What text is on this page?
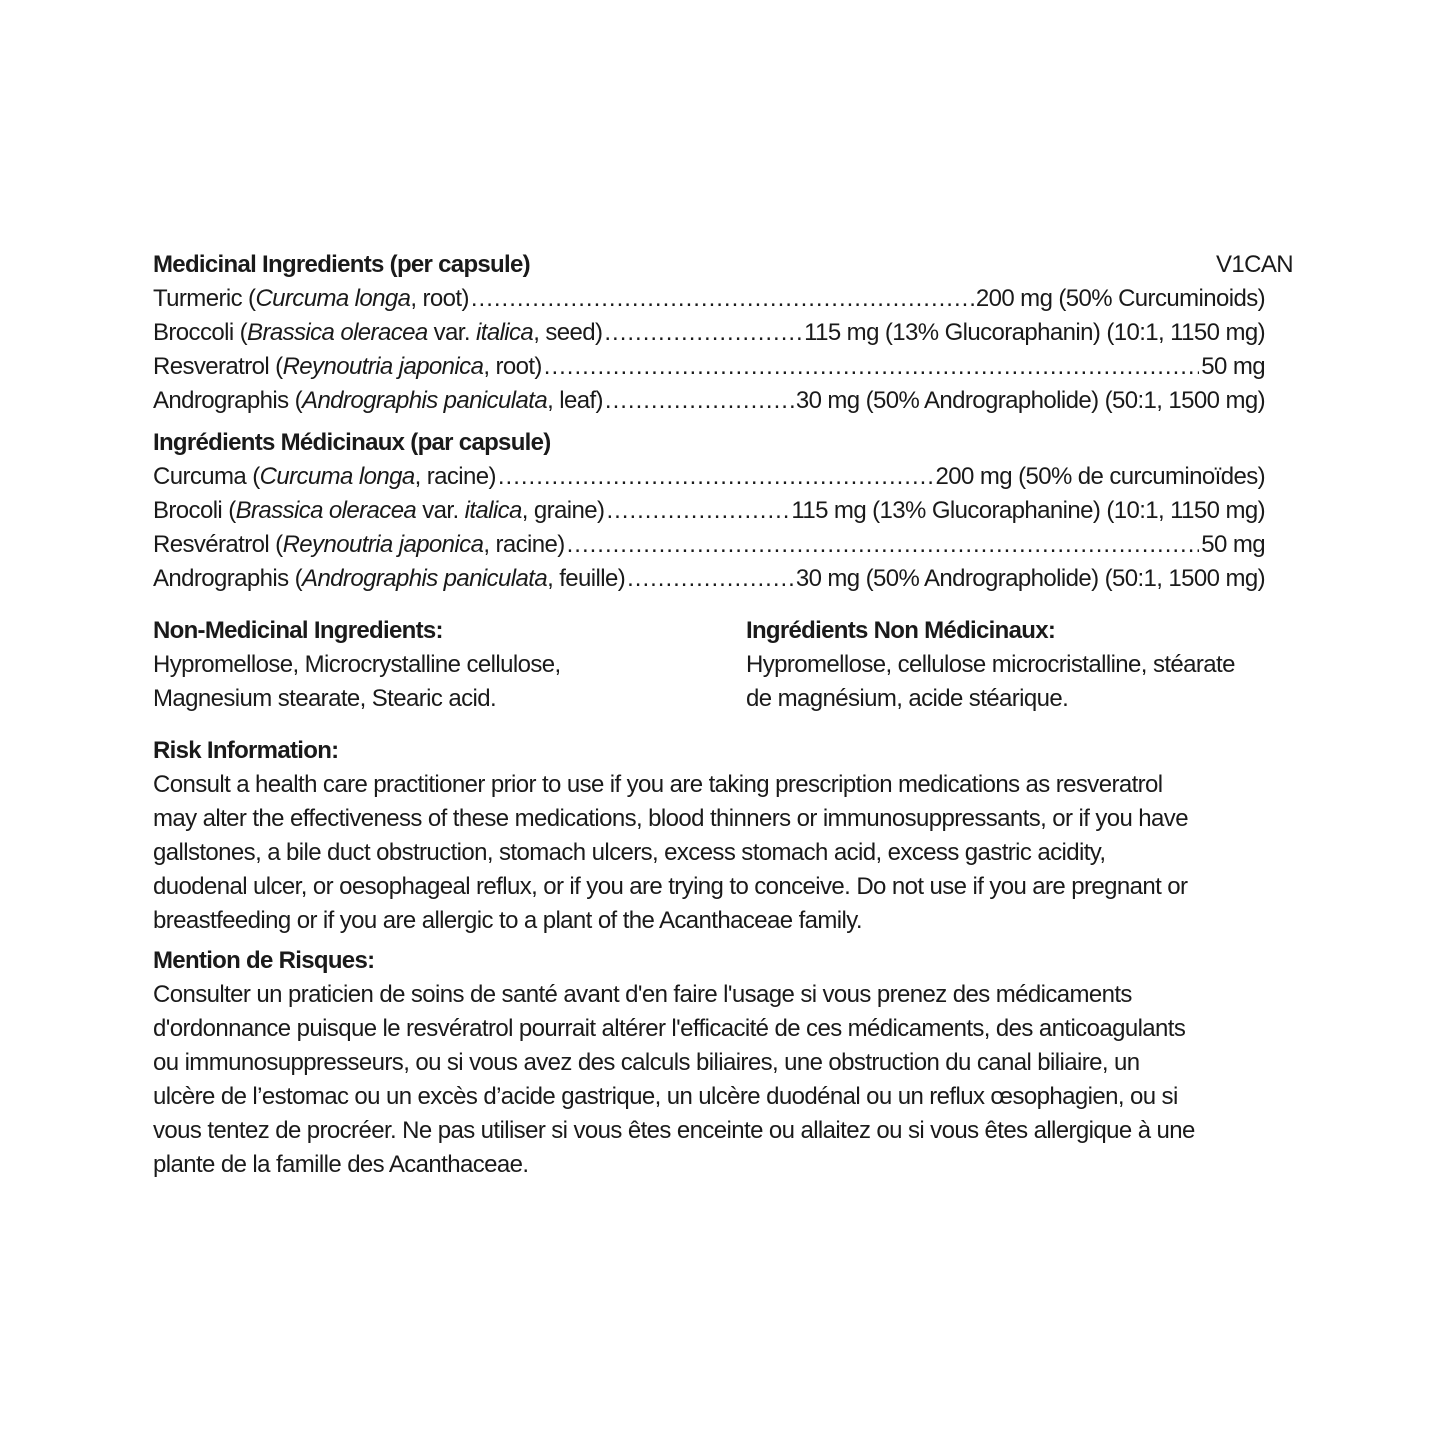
Medicinal Ingredients (per capsule)	V1CAN
Turmeric (Curcuma longa, root) .....	200 mg (50% Curcuminoids)
Broccoli (Brassica oleracea var. italica, seed) .....	115 mg (13% Glucoraphanin) (10:1, 1150 mg)
Resveratrol (Reynoutria japonica, root) .....	50 mg
Andrographis (Andrographis paniculata, leaf) .....	30 mg (50% Andrographolide) (50:1, 1500 mg)
Ingrédients Médicinaux (par capsule)
Curcuma (Curcuma longa, racine) .....	200 mg (50% de curcuminoïdes)
Brocoli (Brassica oleracea var. italica, graine) .....	115 mg (13% Glucoraphanine) (10:1, 1150 mg)
Resvératrol (Reynoutria japonica, racine) .....	50 mg
Andrographis (Andrographis paniculata, feuille) .....	30 mg (50% Andrographolide) (50:1, 1500 mg)
Non-Medicinal Ingredients:
Hypromellose, Microcrystalline cellulose,
Magnesium stearate, Stearic acid.
Ingrédients Non Médicinaux:
Hypromellose, cellulose microcristalline, stéarate
de magnésium, acide stéarique.
Risk Information:
Consult a health care practitioner prior to use if you are taking prescription medications as resveratrol
may alter the effectiveness of these medications, blood thinners or immunosuppressants, or if you have
gallstones, a bile duct obstruction, stomach ulcers, excess stomach acid, excess gastric acidity,
duodenal ulcer, or oesophageal reflux, or if you are trying to conceive. Do not use if you are pregnant or
breastfeeding or if you are allergic to a plant of the Acanthaceae family.
Mention de Risques:
Consulter un praticien de soins de santé avant d'en faire l'usage si vous prenez des médicaments
d'ordonnance puisque le resvératrol pourrait altérer l'efficacité de ces médicaments, des anticoagulants
ou immunosuppresseurs, ou si vous avez des calculs biliaires, une obstruction du canal biliaire, un
ulcère de l’estomac ou un excès d’acide gastrique, un ulcère duodénal ou un reflux œsophagien, ou si
vous tentez de procréer. Ne pas utiliser si vous êtes enceinte ou allaitez ou si vous êtes allergique à une
plante de la famille des Acanthaceae.
